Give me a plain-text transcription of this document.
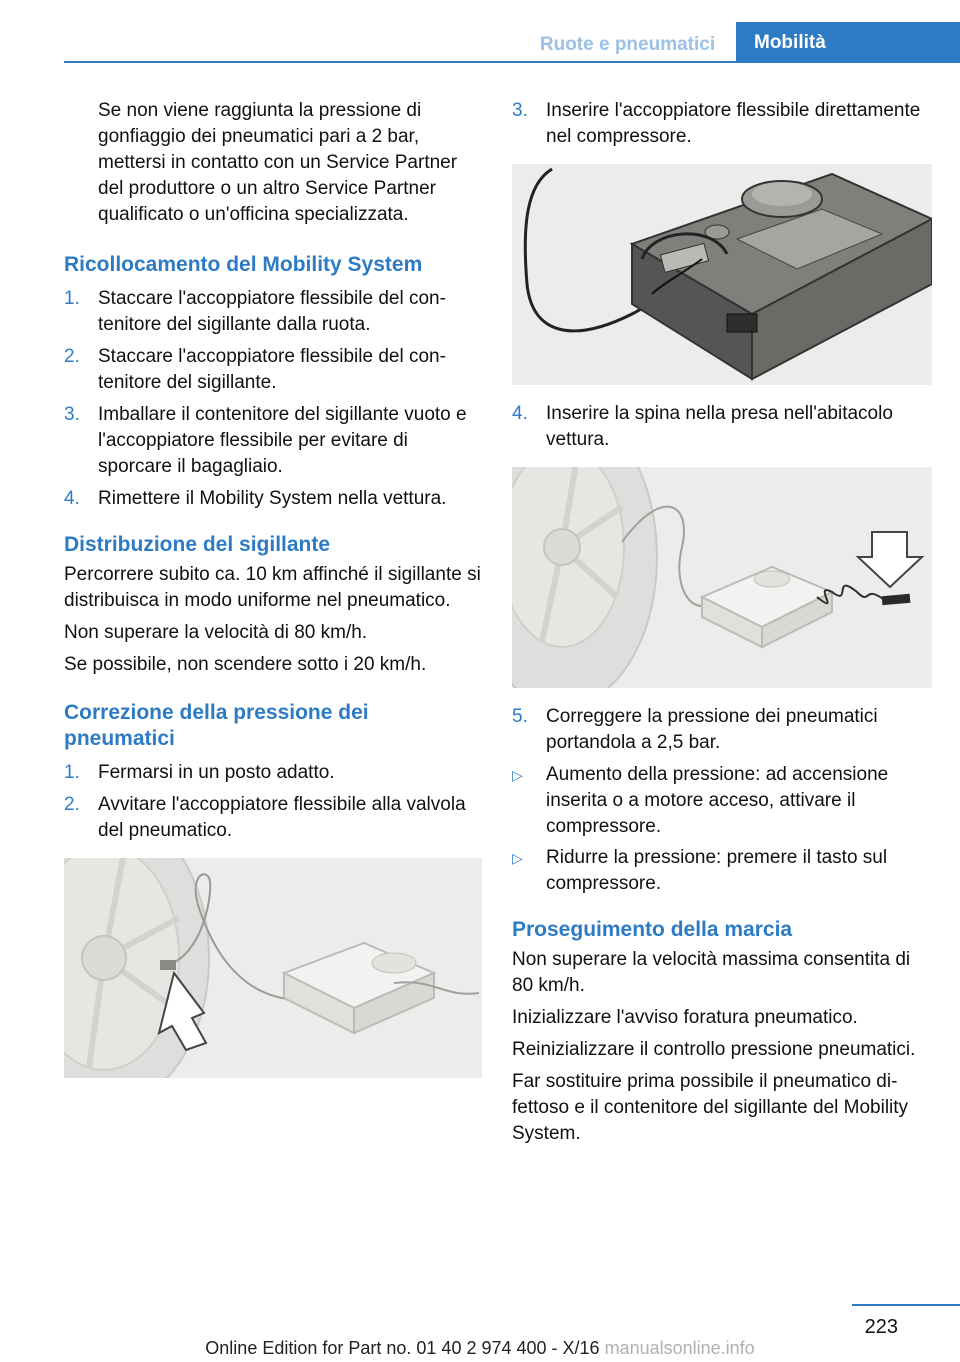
Ruote e pneumatici	Mobilità

Se non viene raggiunta la pressione di gonfiaggio dei pneumatici pari a 2 bar, mettersi in contatto con un Service Partner del produttore o un altro Service Partner qualificato o un'officina specializzata.

Ricollocamento del Mobility System
1. Staccare l'accoppiatore flessibile del contenitore del sigillante dalla ruota.
2. Staccare l'accoppiatore flessibile del contenitore del sigillante.
3. Imballare il contenitore del sigillante vuoto e l'accoppiatore flessibile per evitare di sporcare il bagagliaio.
4. Rimettere il Mobility System nella vettura.
Distribuzione del sigillante

Percorrere subito ca. 10 km affinché il sigillante si distribuisca in modo uniforme nel pneumatico.

Non superare la velocità di 80 km/h.

Se possibile, non scendere sotto i 20 km/h.

Correzione della pressione dei pneumatici
1. Fermarsi in un posto adatto.
2. Avvitare l'accoppiatore flessibile alla valvola del pneumatico.
3. Inserire l'accoppiatore flessibile direttamente nel compressore.
4. Inserire la spina nella presa nell'abitacolo vettura.
5. Correggere la pressione dei pneumatici portandola a 2,5 bar.
▷	Aumento della pressione: ad accensione inserita o a motore acceso, attivare il compressore.
▷	Ridurre la pressione: premere il tasto sul compressore.
Proseguimento della marcia

Non superare la velocità massima consentita di 80 km/h.

Inizializzare l'avviso foratura pneumatico.

Reinizializzare il controllo pressione pneumatici.

Far sostituire prima possibile il pneumatico difettoso e il contenitore del sigillante del Mobility System.

223
Online Edition for Part no. 01 40 2 974 400 - X/16 manualsonline.info
